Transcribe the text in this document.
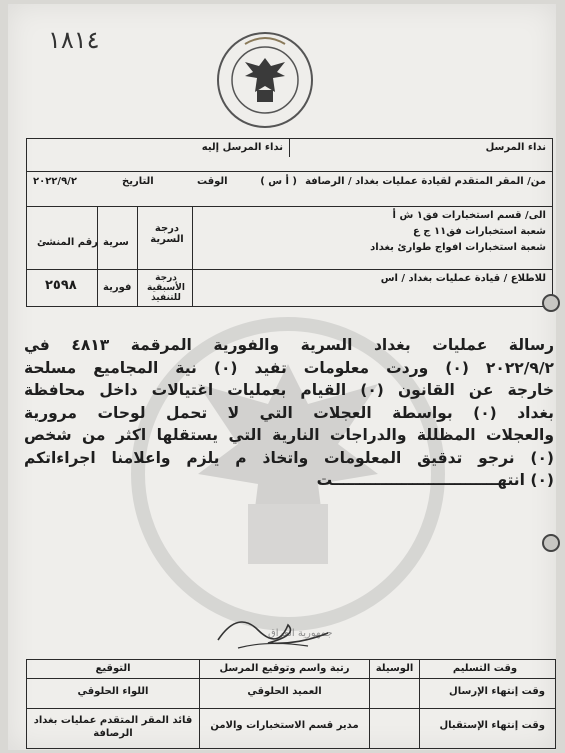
١٨١٤
نداء المرسل
نداء المرسل إليه
من/ المقر المتقدم لقيادة عمليات بغداد / الرصافة
( أ س )
الوقت
التاريخ
٢٠٢٢/٩/٢
الى/ قسم استخبارات فق١ ش أ
شعبة استخبارات فق١١ ج ع
شعبة استخبارات افواج طوارئ بغداد
درجة السرية
سرية
رقم المنشئ
للاطلاع / قيادة عمليات بغداد / اس
درجة الأسبقية للتنفيذ
فورية
٢٥٩٨

رسالة عمليات بغداد السرية والفورية المرقمة ٤٨١٣ في

٢٠٢٢/٩/٢ (٠) وردت معلومات تفيد (٠) نية المجاميع مسلحة

خارجة عن القانون (٠) القيام بعمليات اغتيالات داخل محافظة

بغداد (٠) بواسطة العجلات التي لا تحمل لوحات مرورية

والعجلات المظللة والدراجات النارية التي يستقلها اكثر من شخص

(٠) نرجو تدقيق المعلومات واتخاذ م يلزم واعلامنا اجراءاتكم

(٠) انتهـــــــــــــــــــــــــــــــت

جمهورية العراق
وقت التسليم
الوسيلة
رتبة واسم وتوقيع المرسل
التوقيع
وقت إنتهاء الإرسال
العميد الحلوقي
اللواء الحلوقي
وقت إنتهاء الإستقبال
مدير قسم الاستخبارات والامن
قائد المقر المتقدم عمليات بغداد الرصافة
